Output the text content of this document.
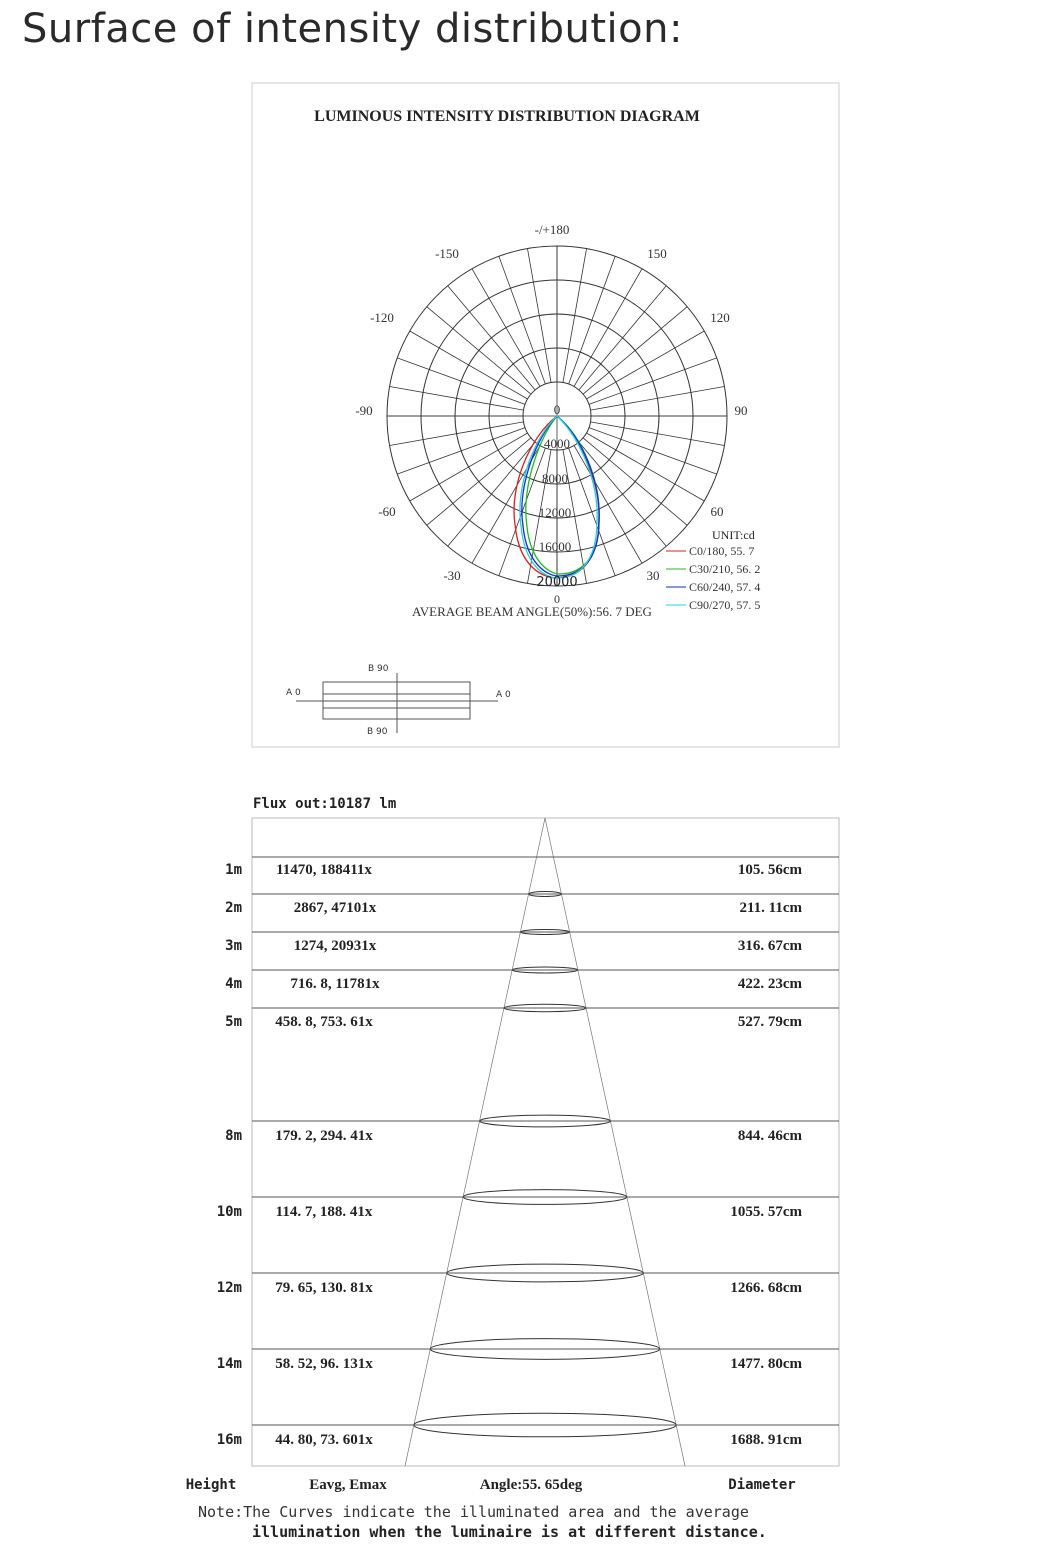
Surface of intensity distribution:
LUMINOUS INTENSITY DISTRIBUTION DIAGRAM
-/+180
150
-150
120
-120
90
-90
60
-60
30
-30
0
0
4000
8000
12000
16000
20000
UNIT:cd
C0/180, 55. 7
C30/210, 56. 2
C60/240, 57. 4
C90/270, 57. 5
AVERAGE BEAM ANGLE(50%):56. 7 DEG
A 0	A 0
B 90
B 90
Flux out:10187 lm
1m 11470, 188411x	105. 56cm
2m	2867, 47101x	211. 11cm
3m	1274, 20931x	316. 67cm
4m	716. 8, 11781x	422. 23cm
5m 458. 8, 753. 61x	527. 79cm
8m 179. 2, 294. 41x	844. 46cm
10m 114. 7, 188. 41x	1055. 57cm
12m 79. 65, 130. 81x	1266. 68cm
14m 58. 52, 96. 131x	1477. 80cm
16m 44. 80, 73. 601x	1688. 91cm
Height	Eavg, Emax	Angle:55. 65deg	Diameter
Note:The Curves indicate the illuminated area and the average
illumination when the luminaire is at different distance.
